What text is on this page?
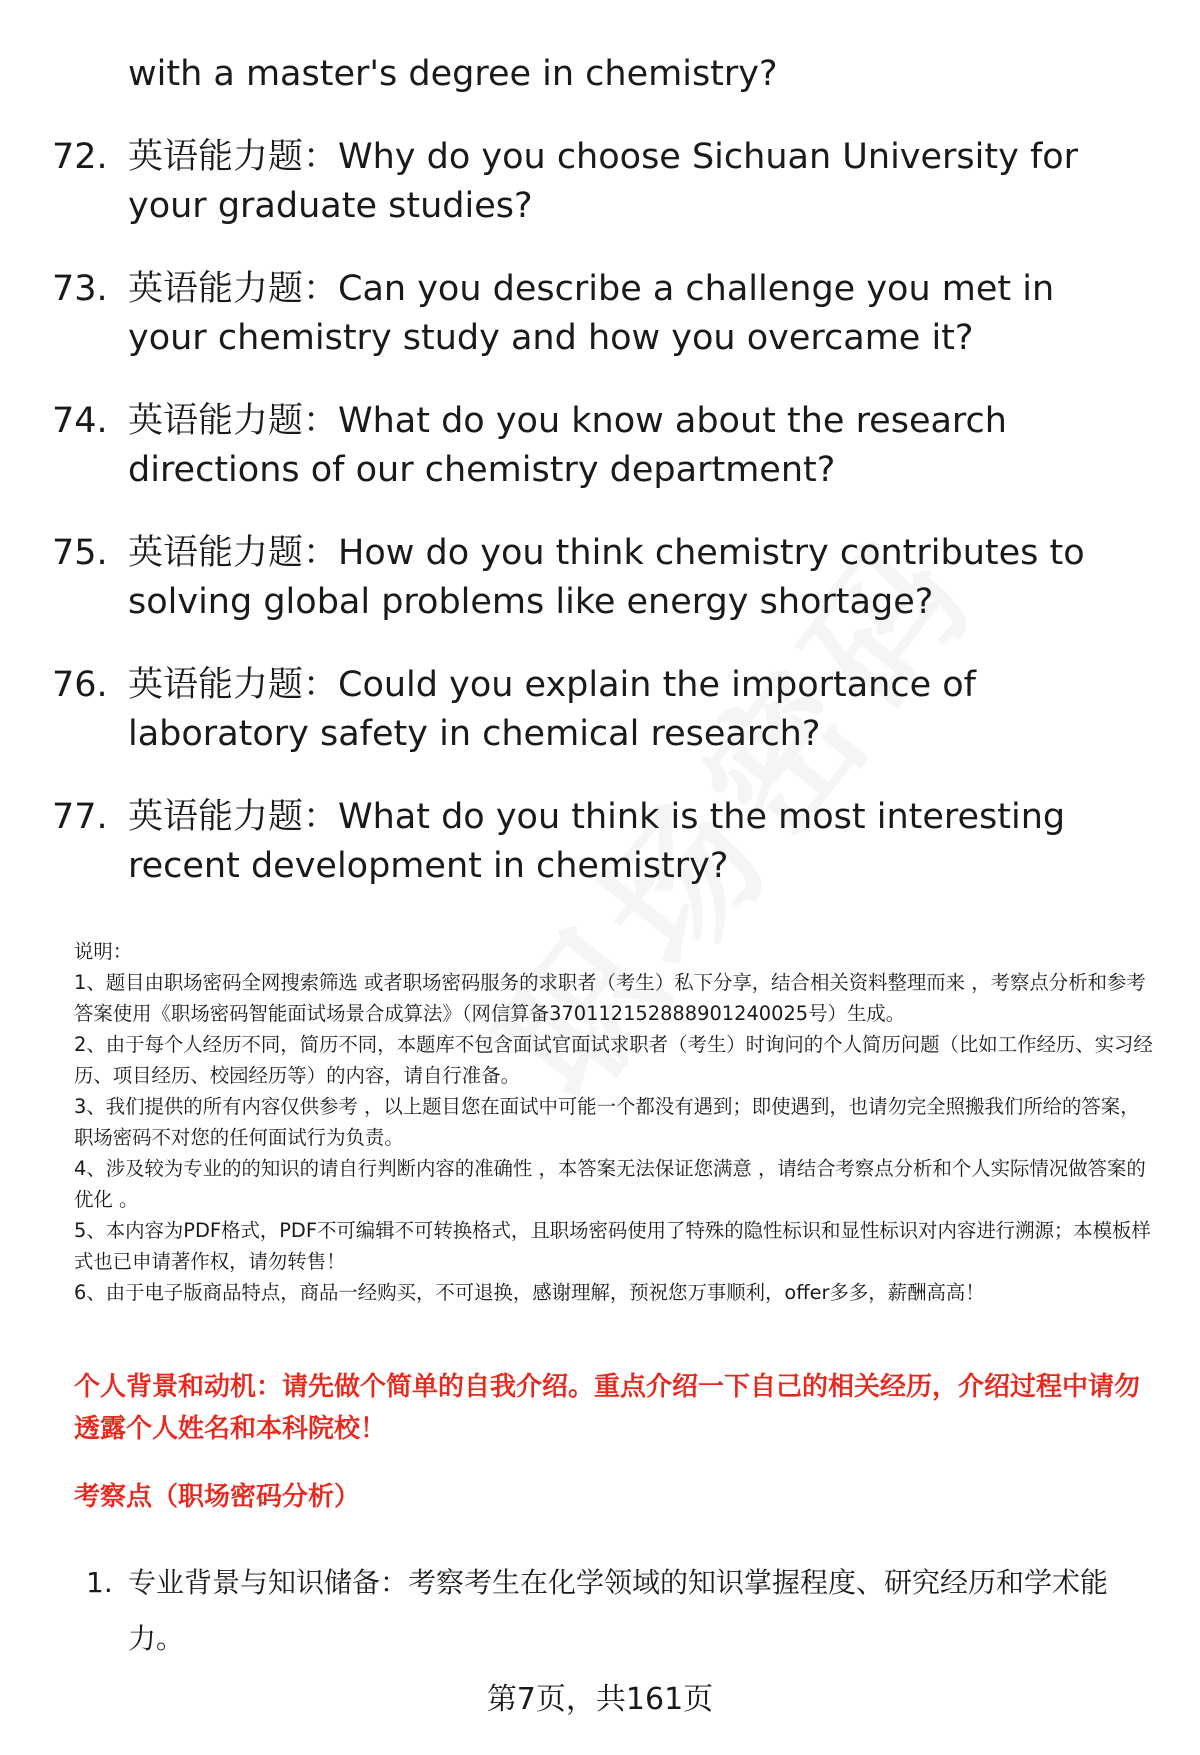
with a master's degree in chemistry?
72. 英语能力题：Why do you choose Sichuan University for your graduate studies?
73. 英语能力题：Can you describe a challenge you met in your chemistry study and how you overcame it?
74. 英语能力题：What do you know about the research directions of our chemistry department?
75. 英语能力题：How do you think chemistry contributes to solving global problems like energy shortage?
76. 英语能力题：Could you explain the importance of laboratory safety in chemical research?
77. 英语能力题：What do you think is the most interesting recent development in chemistry?

说明：

1、题目由职场密码全网搜索筛选 或者职场密码服务的求职者（考生）私下分享，结合相关资料整理而来 ，考察点分析和参考答案使用《职场密码智能面试场景合成算法》（网信算备370112152888901240025号）生成。

2、由于每个人经历不同，简历不同，本题库不包含面试官面试求职者（考生）时询问的个人简历问题（比如工作经历、实习经历、项目经历、校园经历等）的内容，请自行准备。

3、我们提供的所有内容仅供参考 ，以上题目您在面试中可能一个都没有遇到；即使遇到，也请勿完全照搬我们所给的答案，职场密码不对您的任何面试行为负责。

4、涉及较为专业的的知识的请自行判断内容的准确性 ，本答案无法保证您满意 ，请结合考察点分析和个人实际情况做答案的优化 。

5、本内容为PDF格式，PDF不可编辑不可转换格式，且职场密码使用了特殊的隐性标识和显性标识对内容进行溯源；本模板样式也已申请著作权，请勿转售！

6、由于电子版商品特点，商品一经购买，不可退换，感谢理解，预祝您万事顺利，offer多多，薪酬高高！

个人背景和动机：请先做个简单的自我介绍。重点介绍一下自己的相关经历，介绍过程中请勿透露个人姓名和本科院校！
考察点（职场密码分析）
1. 专业背景与知识储备：考察考生在化学领域的知识掌握程度、研究经历和学术能力。
第7页，共161页
